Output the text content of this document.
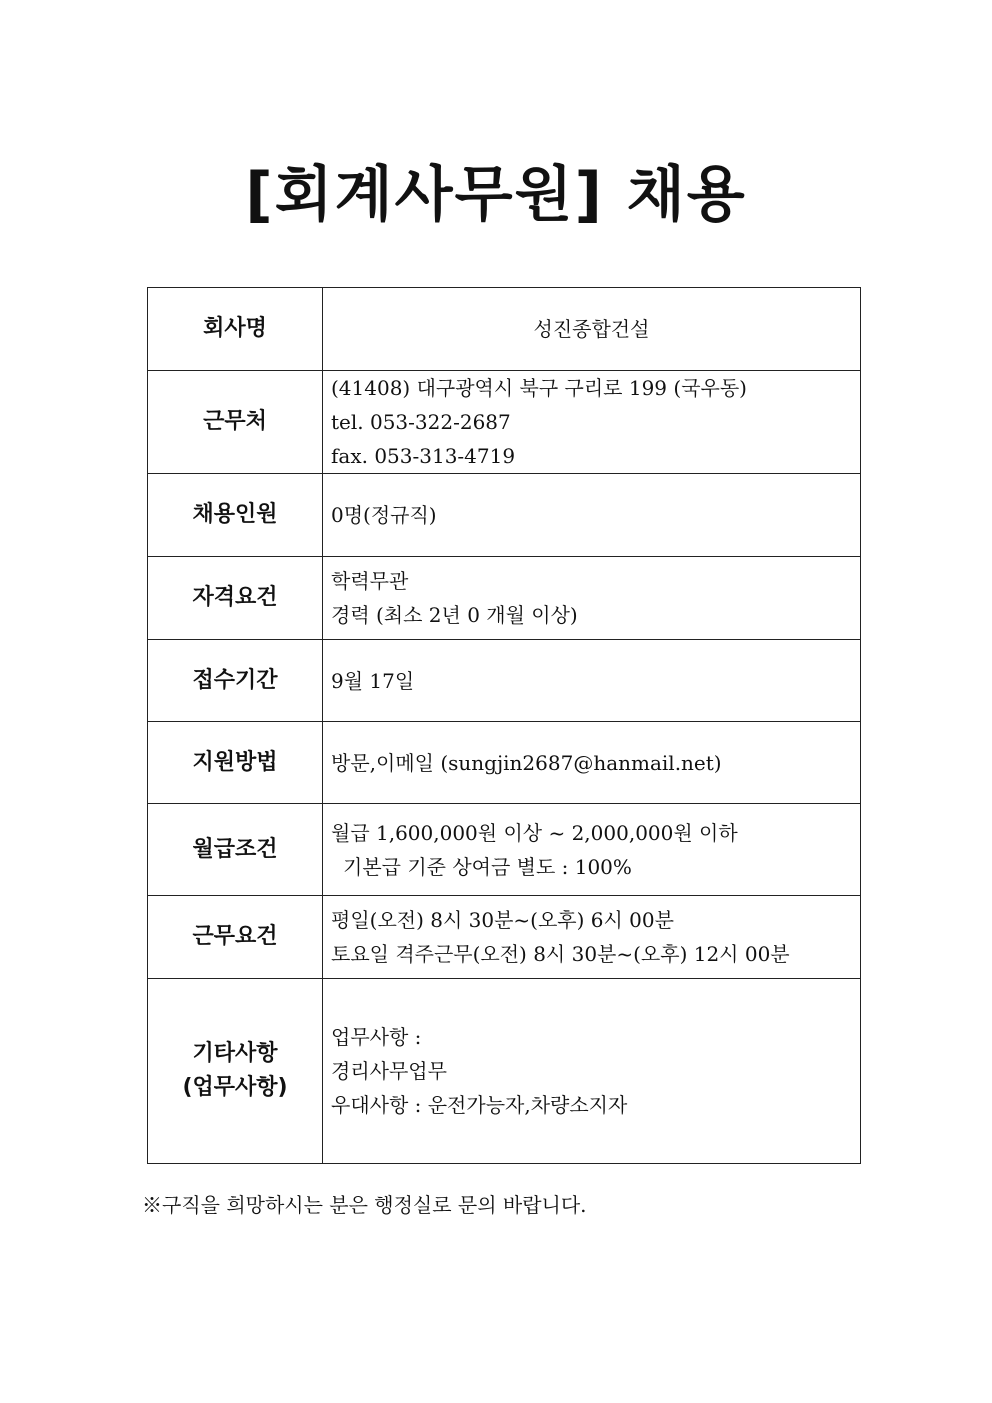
[회계사무원] 채용
회사명	성진종합건설

근무처	(41408) 대구광역시 북구 구리로 199 (국우동)
tel. 053-322-2687
fax. 053-313-4719

채용인원	0명(정규직)

자격요건	학력무관
경력 (최소 2년 0 개월 이상)

접수기간	9월 17일

지원방법	방문,이메일 (sungjin2687@hanmail.net)

월급조건	월급 1,600,000원 이상 ~ 2,000,000원 이하
기본급 기준 상여금 별도 : 100%

근무요건	평일(오전) 8시 30분~(오후) 6시 00분
토요일 격주근무(오전) 8시 30분~(오후) 12시 00분

기타사항
(업무사항)	업무사항 :
경리사무업무
우대사항 : 운전가능자,차량소지자
※구직을 희망하시는 분은 행정실로 문의 바랍니다.
